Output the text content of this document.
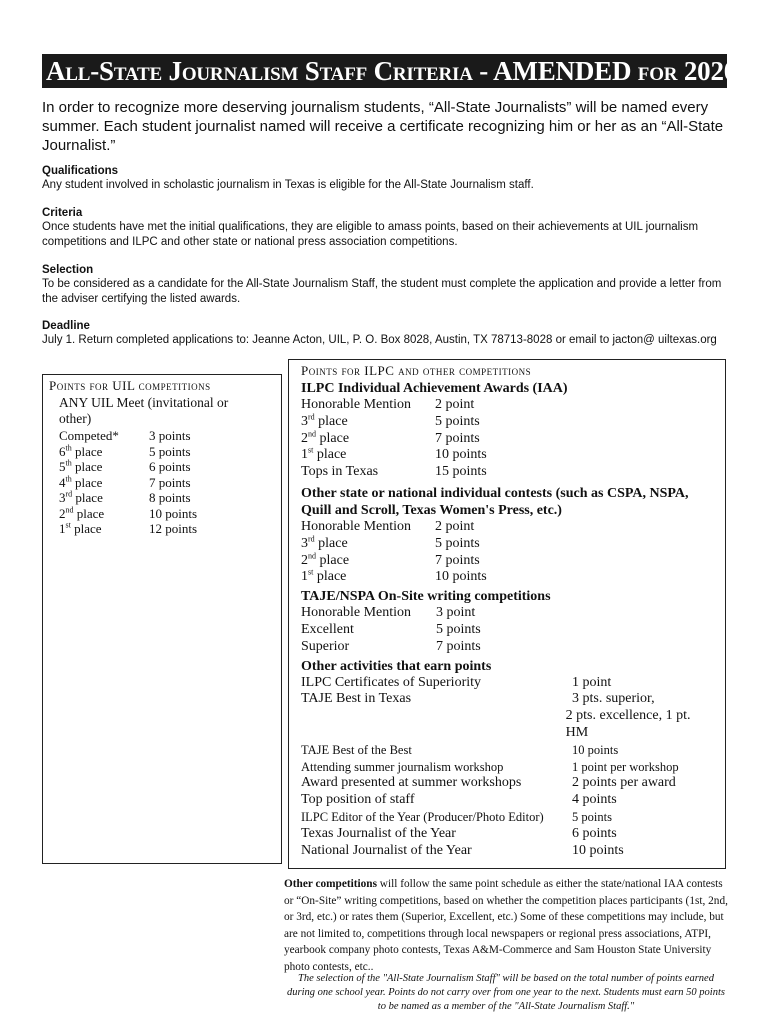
All-State Journalism Staff Criteria - AMENDED for 2020

In order to recognize more deserving journalism students, “All-State Journalists” will be named every summer. Each student journalist named will receive a certificate recognizing him or her as an “All-State Journalist.”

Qualifications

Any student involved in scholastic journalism in Texas is eligible for the All-State Journalism staff.

Criteria

Once students have met the initial qualifications, they are eligible to amass points, based on their achievements at UIL journalism competitions and ILPC and other state or national press association competitions.

Selection

To be considered as a candidate for the All-State Journalism Staff, the student must complete the application and provide a letter from the adviser certifying the listed awards.

Deadline

July 1. Return completed applications to: Jeanne Acton, UIL, P. O. Box 8028, Austin, TX 78713-8028 or email to jacton@ uiltexas.org

Points for UIL competitions
ANY UIL Meet (invitational or other)
Competed*	3 points
6th place	5 points
5th place	6 points
4th place	7 points
3rd place	8 points
2nd place	10 points
1st place	12 points
Points for ILPC and other competitions
ILPC Individual Achievement Awards (IAA)
Honorable Mention	2 point
3rd place	5 points
2nd place	7 points
1st place	10 points
Tops in Texas	15 points
Other state or national individual contests (such as CSPA, NSPA, Quill and Scroll, Texas Women's Press, etc.)
Honorable Mention	2 point
3rd place	5 points
2nd place	7 points
1st place	10 points
TAJE/NSPA On-Site writing competitions
Honorable Mention	3 point
Excellent	5 points
Superior	7 points
Other activities that earn points
ILPC Certificates of Superiority	1 point
TAJE Best in Texas	3 pts. superior,
2 pts. excellence, 1 pt. HM
TAJE Best of the Best	10 points
Attending summer journalism workshop	1 point per workshop
Award presented at summer workshops	2 points per award
Top position of staff	4 points
ILPC Editor of the Year (Producer/Photo Editor)	5 points
Texas Journalist of the Year	6 points
National Journalist of the Year	10 points

Other competitions will follow the same point schedule as either the state/national IAA contests or “On-Site” writing competitions, based on whether the competition places participants (1st, 2nd, or 3rd, etc.) or rates them (Superior, Excellent, etc.) Some of these competitions may include, but are not limited to, competitions through local newspapers or regional press associations, ATPI, yearbook company photo contests, Texas A&M-Commerce and Sam Houston State University photo contests, etc..

The selection of the "All-State Journalism Staff" will be based on the total number of points earned during one school year. Points do not carry over from one year to the next. Students must earn 50 points to be named as a member of the "All-State Journalism Staff."
